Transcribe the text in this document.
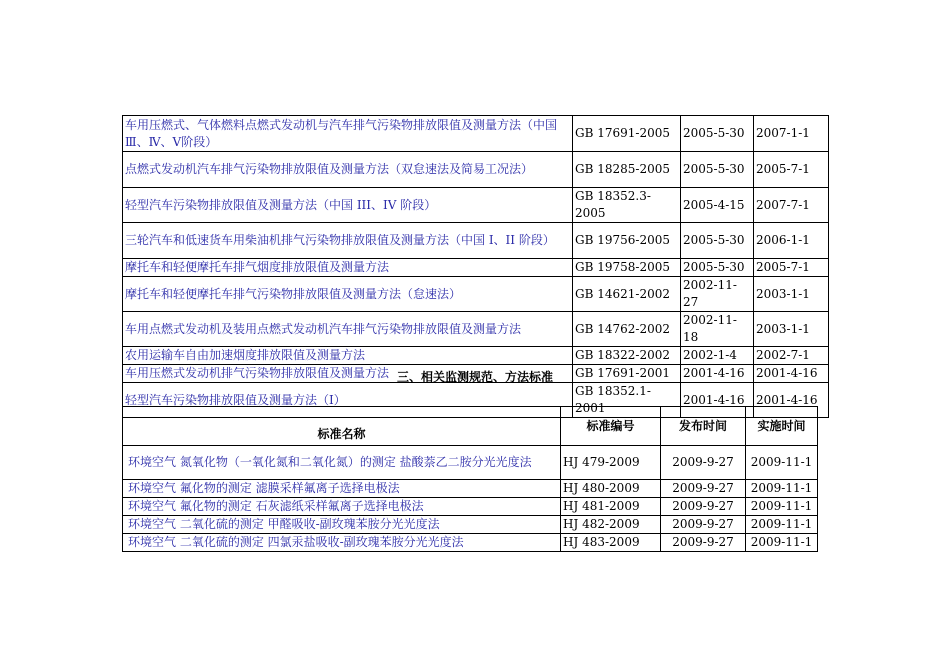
车用压燃式、气体燃料点燃式发动机与汽车排气污染物排放限值及测量方法（中国Ⅲ、Ⅳ、Ⅴ阶段）	GB 17691-2005	2005-5-30	2007-1-1
点燃式发动机汽车排气污染物排放限值及测量方法（双怠速法及简易工况法）	GB 18285-2005	2005-5-30	2005-7-1
轻型汽车污染物排放限值及测量方法（中国 III、IV 阶段）	GB 18352.3-2005	2005-4-15	2007-7-1
三轮汽车和低速货车用柴油机排气污染物排放限值及测量方法（中国 I、II 阶段）	GB 19756-2005	2005-5-30	2006-1-1
摩托车和轻便摩托车排气烟度排放限值及测量方法	GB 19758-2005	2005-5-30	2005-7-1
摩托车和轻便摩托车排气污染物排放限值及测量方法（怠速法）	GB 14621-2002	2002-11-27	2003-1-1
车用点燃式发动机及装用点燃式发动机汽车排气污染物排放限值及测量方法	GB 14762-2002	2002-11-18	2003-1-1
农用运输车自由加速烟度排放限值及测量方法	GB 18322-2002	2002-1-4	2002-7-1
车用压燃式发动机排气污染物排放限值及测量方法	GB 17691-2001	2001-4-16	2001-4-16
轻型汽车污染物排放限值及测量方法（Ⅰ）	GB 18352.1-2001	2001-4-16	2001-4-16
三、相关监测规范、方法标准
标准名称	标准编号	发布时间	实施时间
环境空气 氮氧化物（一氧化氮和二氧化氮）的测定 盐酸萘乙二胺分光光度法	HJ 479-2009	2009-9-27	2009-11-1
环境空气 氟化物的测定 滤膜采样氟离子选择电极法	HJ 480-2009	2009-9-27	2009-11-1
环境空气 氟化物的测定 石灰滤纸采样氟离子选择电极法	HJ 481-2009	2009-9-27	2009-11-1
环境空气 二氧化硫的测定 甲醛吸收-副玫瑰苯胺分光光度法	HJ 482-2009	2009-9-27	2009-11-1
环境空气 二氧化硫的测定 四氯汞盐吸收-副玫瑰苯胺分光光度法	HJ 483-2009	2009-9-27	2009-11-1
